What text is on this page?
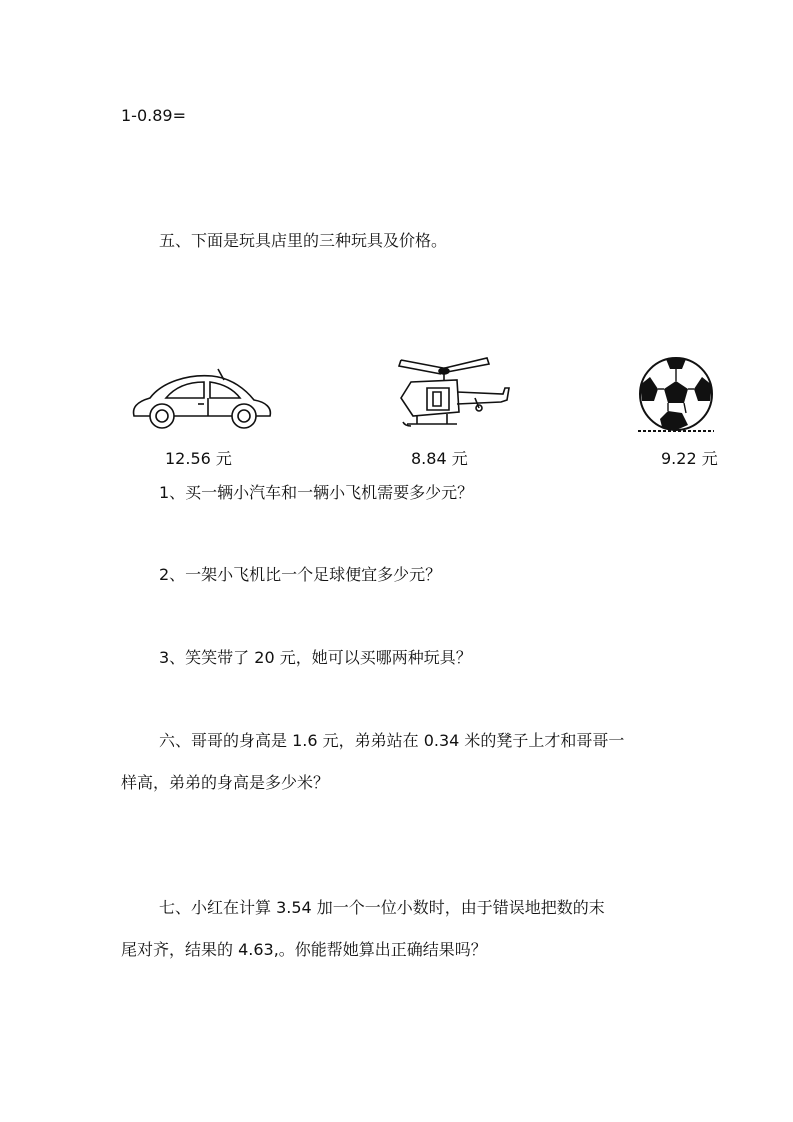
1-0.89=
五、下面是玩具店里的三种玩具及价格。
12.56 元	8.84 元	9.22 元
1、买一辆小汽车和一辆小飞机需要多少元？
2、一架小飞机比一个足球便宜多少元？
3、笑笑带了 20 元，她可以买哪两种玩具？
六、哥哥的身高是 1.6 元，弟弟站在 0.34 米的凳子上才和哥哥一
样高，弟弟的身高是多少米？
七、小红在计算 3.54 加一个一位小数时，由于错误地把数的末
尾对齐，结果的 4.63,。你能帮她算出正确结果吗？
